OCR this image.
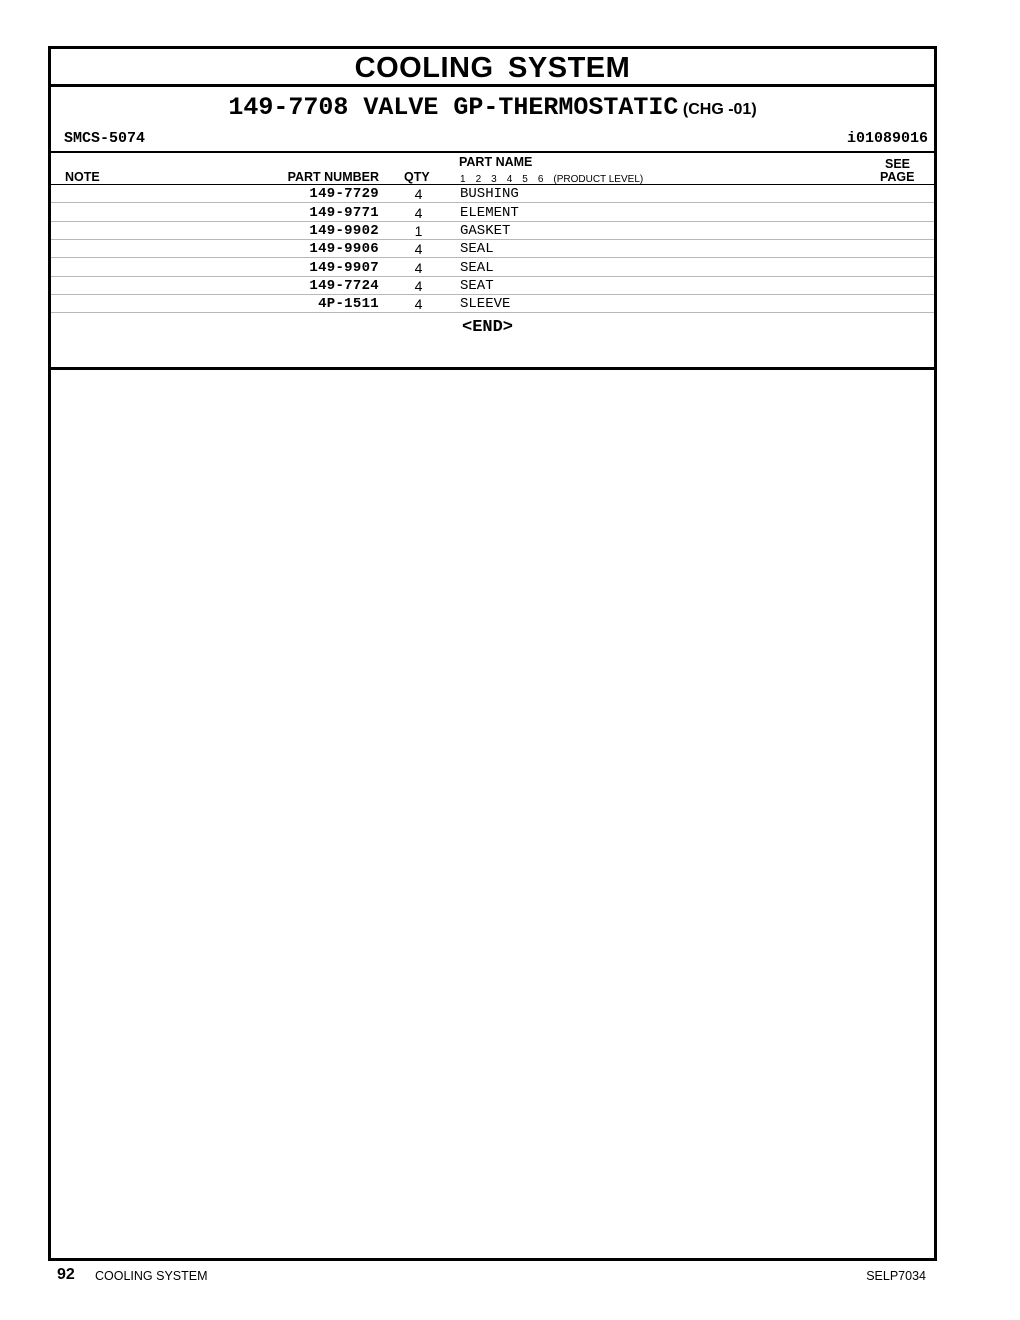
COOLING SYSTEM
149-7708 VALVE GP-THERMOSTATIC (CHG -01)
SMCS-5074	i01089016
PART NAME	SEE
NOTE	PART NUMBER QTY	PAGE
1 2 3 4 5 6 (PRODUCT LEVEL)
149-7729	4	BUSHING
149-9771	4	ELEMENT
149-9902	1	GASKET
149-9906	4	SEAL
149-9907	4	SEAL
149-7724	4	SEAT
4P-1511	4	SLEEVE
<END>
92 COOLING SYSTEM	SELP7034
